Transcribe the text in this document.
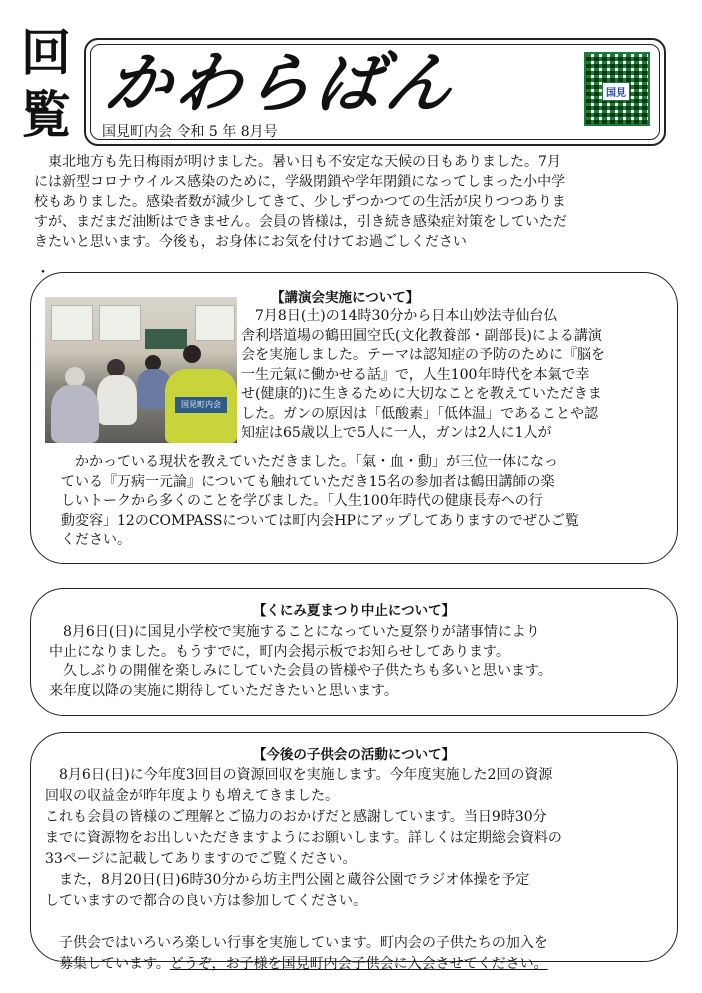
回
覧 かわらばん
国見町内会 令和 5 年 8月号
国見
東北地方も先日梅雨が明けました。暑い日も不安定な天候の日もありました。7月
には新型コロナウイルス感染のために，学級閉鎖や学年閉鎖になってしまった小中学
校もありました。感染者数が減少してきて、少しずつかつての生活が戻りつつありま
すが、まだまだ油断はできません。会員の皆様は，引き続き感染症対策をしていただ
きたいと思います。今後も，お身体にお気を付けてお過ごしください
・
【講演会実施について】
国見町内会

7月8日(土)の14時30分から日本山妙法寺仙台仏
舎利塔道場の鶴田圓空氏(文化教養部・副部長)による講演
会を実施しました。テーマは認知症の予防のために『脳を
一生元氣に働かせる話』で，人生100年時代を本氣で幸
せ(健康的)に生きるために大切なことを教えていただきま
した。ガンの原因は「低酸素」「低体温」であることや認
知症は65歳以上で5人に一人，ガンは2人に1人が

かかっている現状を教えていただきました。「氣・血・動」が三位一体になっ
ている『万病一元論』についても触れていただき15名の参加者は鶴田講師の楽
しいトークから多くのことを学びました。「人生100年時代の健康長寿への行
動変容」12のCOMPASSについては町内会HPにアップしてありますのでぜひご覧
ください。

【くにみ夏まつり中止について】

　8月6日(日)に国見小学校で実施することになっていた夏祭りが諸事情により
中止になりました。もうすでに，町内会掲示板でお知らせしてあります。
　久しぶりの開催を楽しみにしていた会員の皆様や子供たちも多いと思います。
来年度以降の実施に期待していただきたいと思います。

【今後の子供会の活動について】

　8月6日(日)に今年度3回目の資源回収を実施します。今年度実施した2回の資源
回収の収益金が昨年度よりも増えてきました。
これも会員の皆様のご理解とご協力のおかげだと感謝しています。当日9時30分
までに資源物をお出しいただきますようにお願いします。詳しくは定期総会資料の
33ページに記載してありますのでご覧ください。
　また，8月20日(日)6時30分から坊主門公園と蔵谷公園でラジオ体操を予定
していますので都合の良い方は参加してください。

　子供会ではいろいろ楽しい行事を実施しています。町内会の子供たちの加入を
　募集しています。どうぞ，お子様を国見町内会子供会に入会させてください。
